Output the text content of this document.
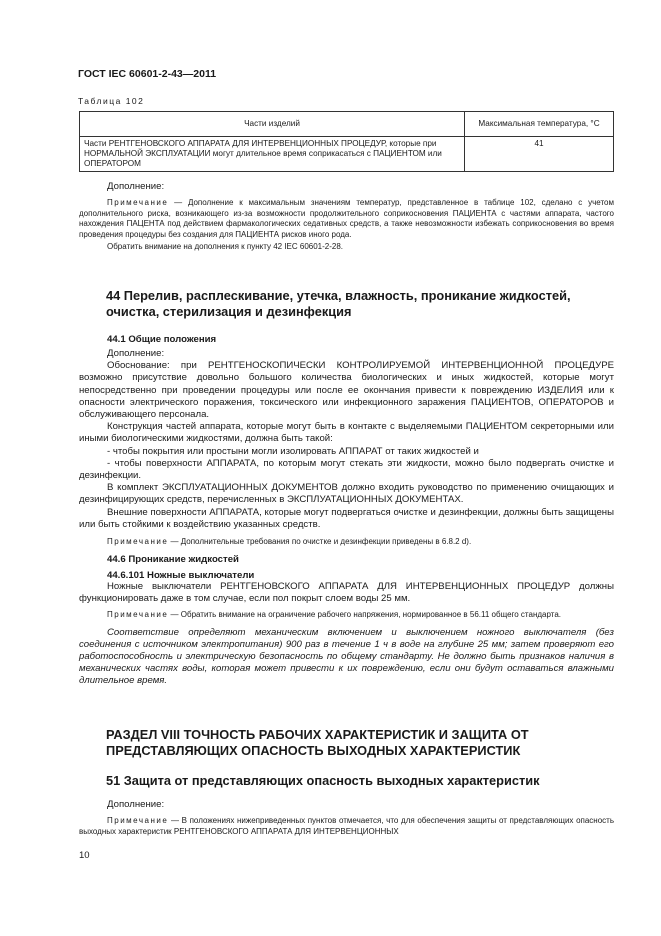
ГОСТ IEC 60601-2-43—2011
Таблица 102
Части изделий	Максимальная температура, °С
Части РЕНТГЕНОВСКОГО АППАРАТА ДЛЯ ИНТЕРВЕНЦИОННЫХ ПРОЦЕДУР, которые при НОРМАЛЬНОЙ ЭКСПЛУАТАЦИИ могут длительное время соприкасаться с ПАЦИЕНТОМ или ОПЕРАТОРОМ	41

Дополнение:

Примечание — Дополнение к максимальным значениям температур, представленное в таблице 102, сделано с учетом дополнительного риска, возникающего из-за возможности продолжительного соприкосновения ПАЦИЕНТА с частями аппарата, частого нахождения ПАЦЕНТА под действием фармакологических седативных средств, а также невозможности избежать соприкосновения во время проведения процедуры без создания для ПАЦИЕНТА рисков иного рода.

Обратить внимание на дополнения к пункту 42 IEC 60601-2-28.

44 Перелив, расплескивание, утечка, влажность, проникание жидкостей, очистка, стерилизация и дезинфекция

44.1 Общие положения

Дополнение:

Обоснование: при РЕНТГЕНОСКОПИЧЕСКИ КОНТРОЛИРУЕМОЙ ИНТЕРВЕНЦИОННОЙ ПРОЦЕДУРЕ возможно присутствие довольно большого количества биологических и иных жидкостей, которые могут непосредственно при проведении процедуры или после ее окончания привести к повреждению ИЗДЕЛИЯ или к опасности электрического поражения, токсического или инфекционного заражения ПАЦИЕНТОВ, ОПЕРАТОРОВ и обслуживающего персонала.

Конструкция частей аппарата, которые могут быть в контакте с выделяемыми ПАЦИЕНТОМ секреторными или иными биологическими жидкостями, должна быть такой:

- чтобы покрытия или простыни могли изолировать АППАРАТ от таких жидкостей и

- чтобы поверхности АППАРАТА, по которым могут стекать эти жидкости, можно было подвергать очистке и дезинфекции.

В комплект ЭКСПЛУАТАЦИОННЫХ ДОКУМЕНТОВ должно входить руководство по применению очищающих и дезинфицирующих средств, перечисленных в ЭКСПЛУАТАЦИОННЫХ ДОКУМЕНТАХ.

Внешние поверхности АППАРАТА, которые могут подвергаться очистке и дезинфекции, должны быть защищены или быть стойкими к воздействию указанных средств.

Примечание — Дополнительные требования по очистке и дезинфекции приведены в 6.8.2 d).

44.6 Проникание жидкостей

44.6.101 Ножные выключатели

Ножные выключатели РЕНТГЕНОВСКОГО АППАРАТА ДЛЯ ИНТЕРВЕНЦИОННЫХ ПРОЦЕДУР должны функционировать даже в том случае, если пол покрыт слоем воды 25 мм.

Примечание — Обратить внимание на ограничение рабочего напряжения, нормированное в 56.11 общего стандарта.

Соответствие определяют механическим включением и выключением ножного выключателя (без соединения с источником электропитания) 900 раз в течение 1 ч в воде на глубине 25 мм; затем проверяют его работоспособность и электрическую безопасность по общему стандарту. Не должно быть признаков наличия в механических частях воды, которая может привести к их повреждению, если они будут оставаться влажными длительное время.

РАЗДЕЛ VIII ТОЧНОСТЬ РАБОЧИХ ХАРАКТЕРИСТИК И ЗАЩИТА ОТ ПРЕДСТАВЛЯЮЩИХ ОПАСНОСТЬ ВЫХОДНЫХ ХАРАКТЕРИСТИК
51 Защита от представляющих опасность выходных характеристик

Дополнение:

Примечание — В положениях нижеприведенных пунктов отмечается, что для обеспечения защиты от представляющих опасность выходных характеристик РЕНТГЕНОВСКОГО АППАРАТА ДЛЯ ИНТЕРВЕНЦИОННЫХ

10
